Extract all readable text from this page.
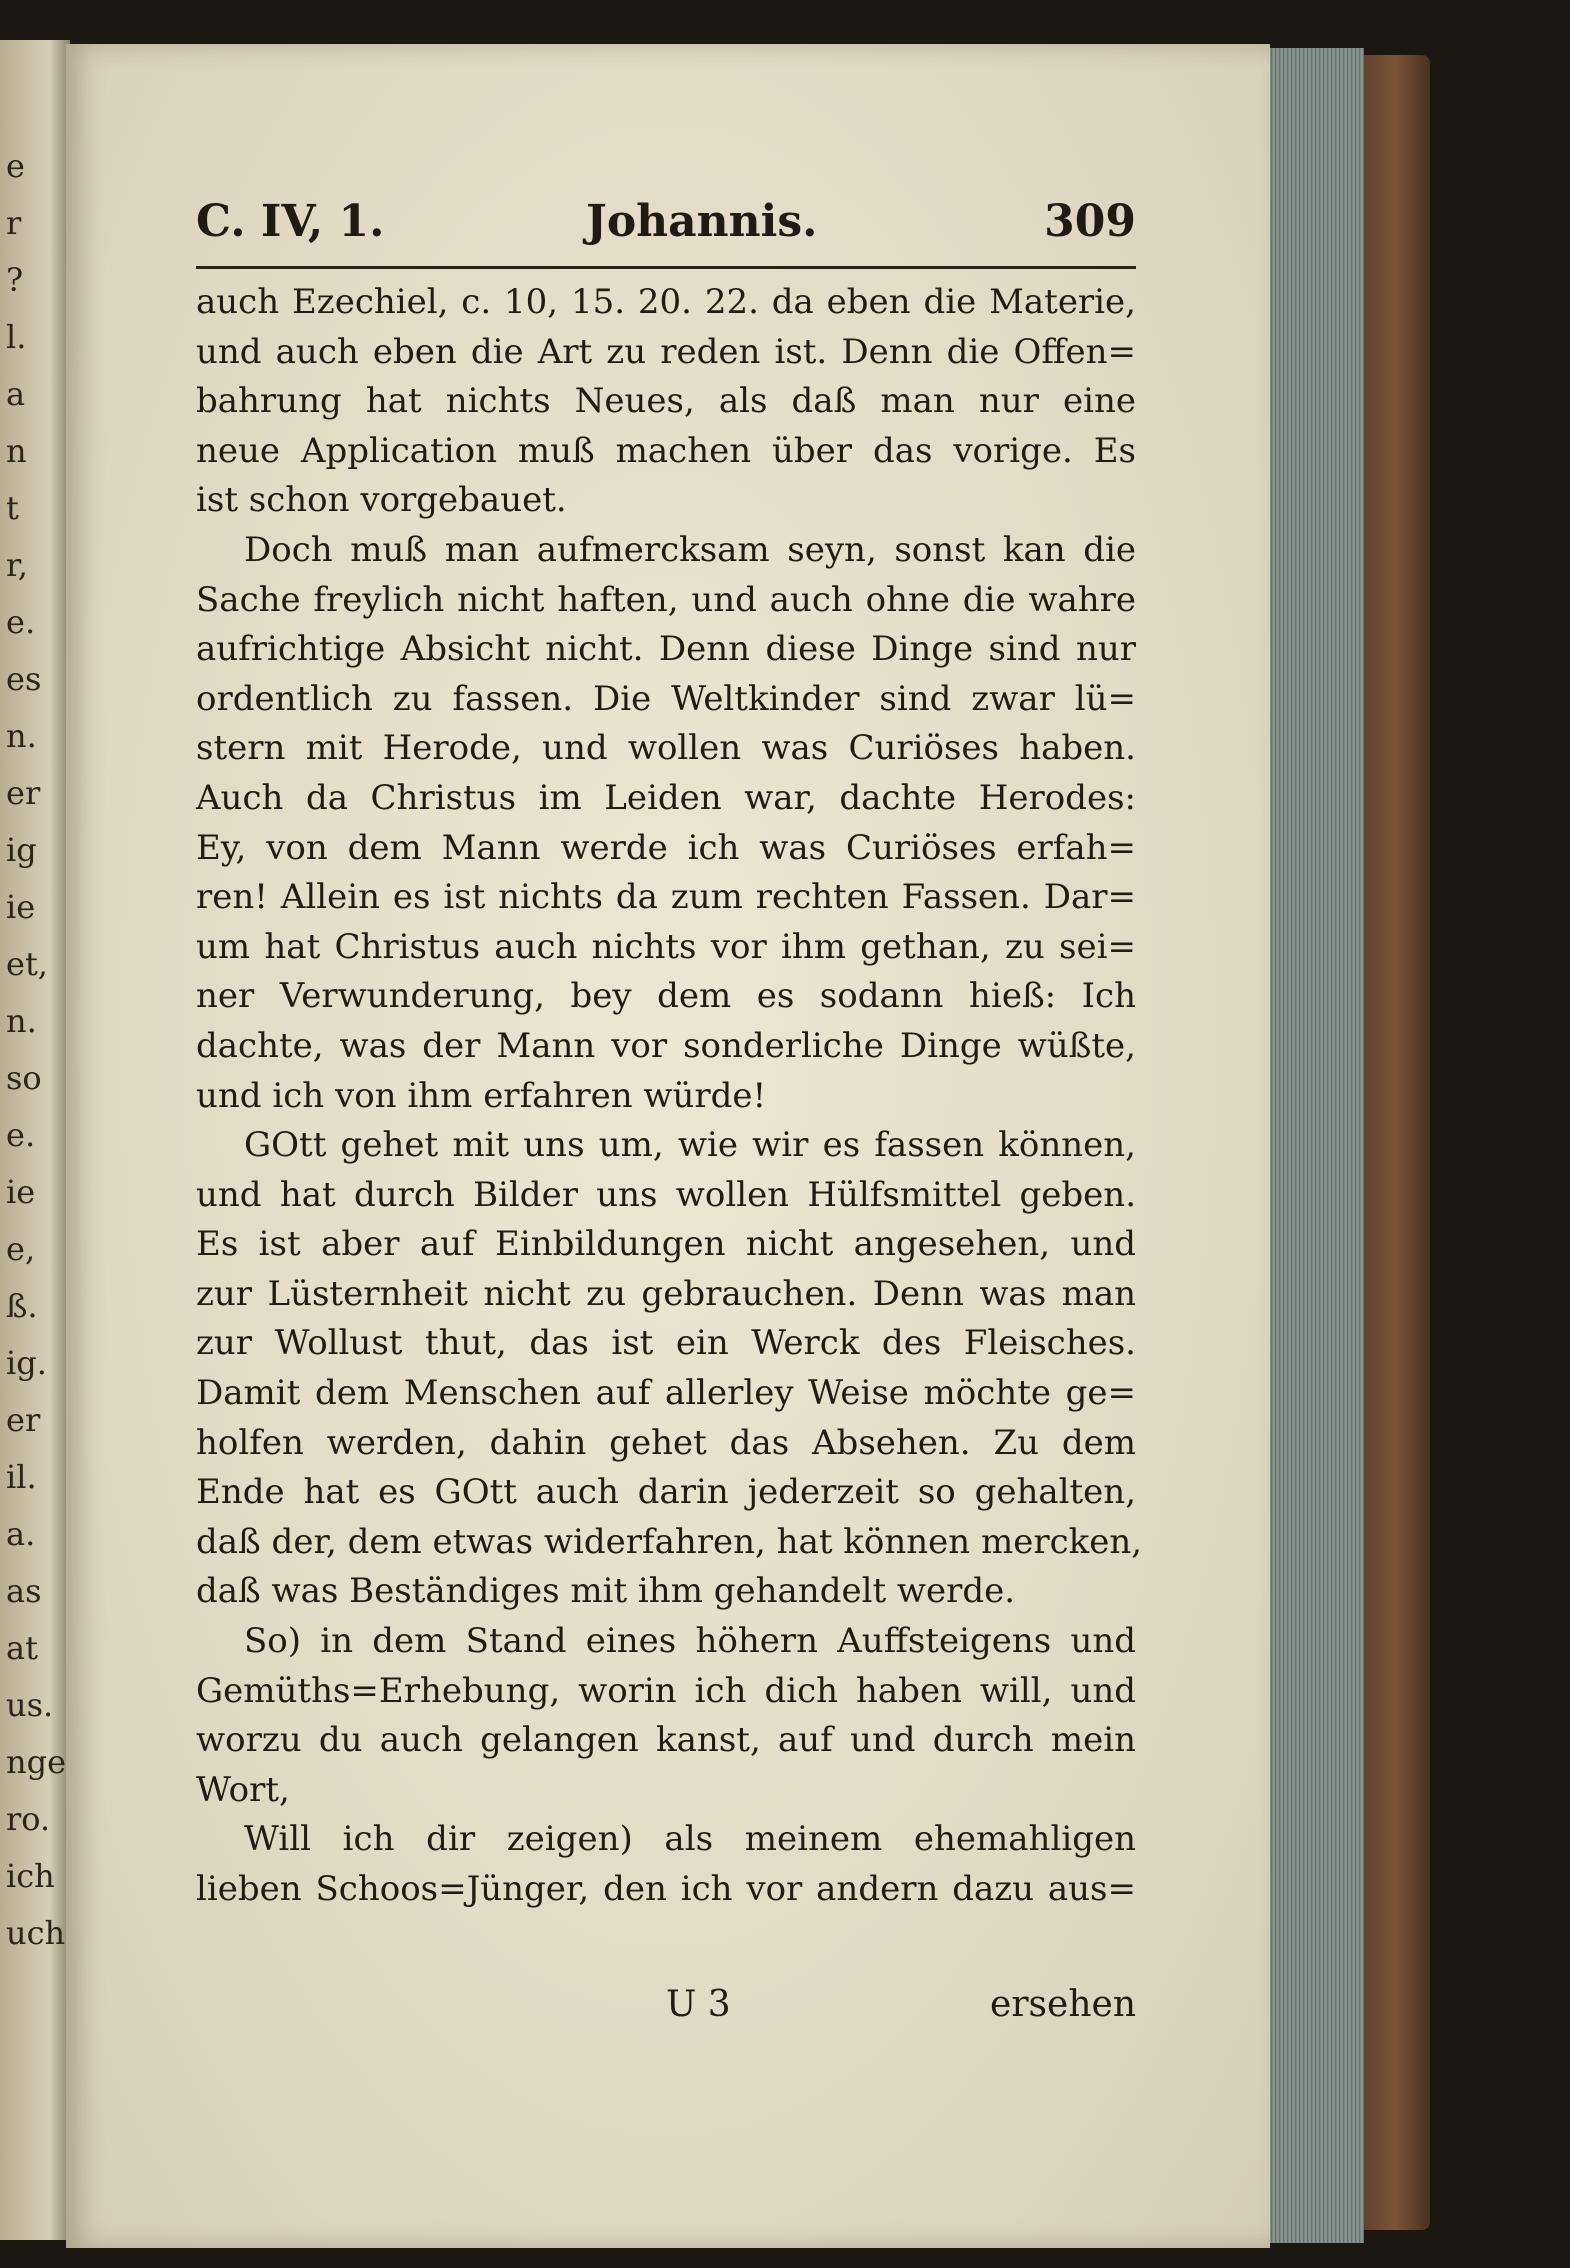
C. IV, 1.	Johannis.	309
auch Ezechiel, c. 10, 15. 20. 22. da eben die Materie,
und auch eben die Art zu reden ist. Denn die Offen=
bahrung hat nichts Neues, als daß man nur eine
neue Application muß machen über das vorige. Es
ist schon vorgebauet.
Doch muß man aufmercksam seyn, sonst kan die
Sache freylich nicht haften, und auch ohne die wahre
aufrichtige Absicht nicht. Denn diese Dinge sind nur
ordentlich zu fassen. Die Weltkinder sind zwar lü=
stern mit Herode, und wollen was Curiöses haben.
Auch da Christus im Leiden war, dachte Herodes:
Ey, von dem Mann werde ich was Curiöses erfah=
ren! Allein es ist nichts da zum rechten Fassen. Dar=
um hat Christus auch nichts vor ihm gethan, zu sei=
ner Verwunderung, bey dem es sodann hieß: Ich
dachte, was der Mann vor sonderliche Dinge wüßte,
und ich von ihm erfahren würde!
GOtt gehet mit uns um, wie wir es fassen können,
und hat durch Bilder uns wollen Hülfsmittel geben.
Es ist aber auf Einbildungen nicht angesehen, und
zur Lüsternheit nicht zu gebrauchen. Denn was man
zur Wollust thut, das ist ein Werck des Fleisches.
Damit dem Menschen auf allerley Weise möchte ge=
holfen werden, dahin gehet das Absehen. Zu dem
Ende hat es GOtt auch darin jederzeit so gehalten,
daß der, dem etwas widerfahren, hat können mercken,
daß was Beständiges mit ihm gehandelt werde.
So) in dem Stand eines höhern Auffsteigens und
Gemüths=Erhebung, worin ich dich haben will, und
worzu du auch gelangen kanst, auf und durch mein
Wort,
Will ich dir zeigen) als meinem ehemahligen
lieben Schoos=Jünger, den ich vor andern dazu aus=
U 3	ersehen
e
r
?
l.
a
n
t
r,
e.
es
n.
er
ig
ie
et,
n.
so
e.
ie
e,
ß.
ig.
er
il.
a.
as
at
us.
nge
ro.
ich
uch
